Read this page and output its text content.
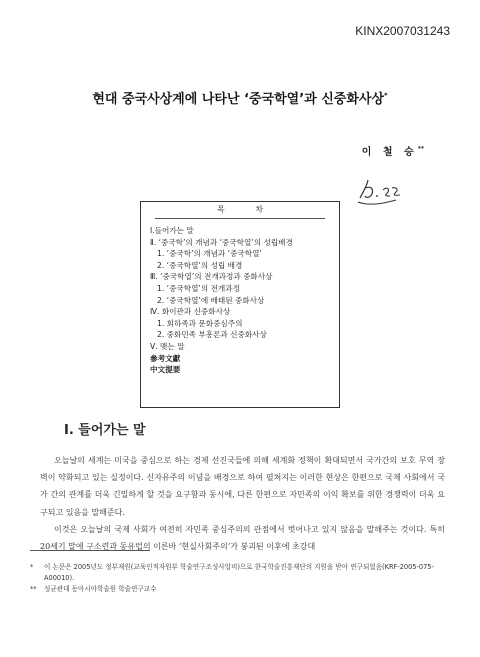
KINX2007031243
현대 중국사상계에 나타난 ‘중국학열’과 신중화사상*
이 철 승**
목 차
Ⅰ.들어가는 말
Ⅱ. ‘중국학’의 개념과 ‘중국학열’의 성립배경
1. ‘중국학’의 개념과 ‘중국학열’
2. ‘중국학열’의 성립 배경
Ⅲ. ‘중국학열’의 전개과정과 중화사상
1. ‘중국학열’의 전개과정
2. ‘중국학열’에 배태된 중화사상
Ⅳ. 화이관과 신중화사상
1. 회하족과 문화중심주의
2. 중화민족 부흥론과 신중화사상
Ⅴ. 맺는 말
參考文獻
中文提要
Ⅰ. 들어가는 말

오늘날의 세계는 미국을 중심으로 하는 경제 선진국들에 의해 세계화 정책이 확대되면서 국가간의 보호 무역 장벽이 약화되고 있는 실정이다. 신자유주의 이념을 배경으로 하여 펼쳐지는 이러한 현상은 한편으로 국제 사회에서 국가 간의 관계를 더욱 긴밀하게 할 것을 요구함과 동시에, 다른 한편으로 자민족의 이익 확보를 위한 경쟁력이 더욱 요구되고 있음을 말해준다.

이것은 오늘날의 국제 사회가 여전히 자민족 중심주의의 관점에서 벗어나고 있지 않음을 말해주는 것이다. 특히 20세기 말에 구소련과 동유럽의 이른바 ‘현실사회주의’가 붕괴된 이후에 초강대

*	이 논문은 2005년도 정부재원(교육인적자원부 학술연구조성사업비)으로 한국학술진흥재단의 지원을 받아 연구되었음(KRF-2005-075-A00010).
**	성균관대 동아시아학술원 학술연구교수
